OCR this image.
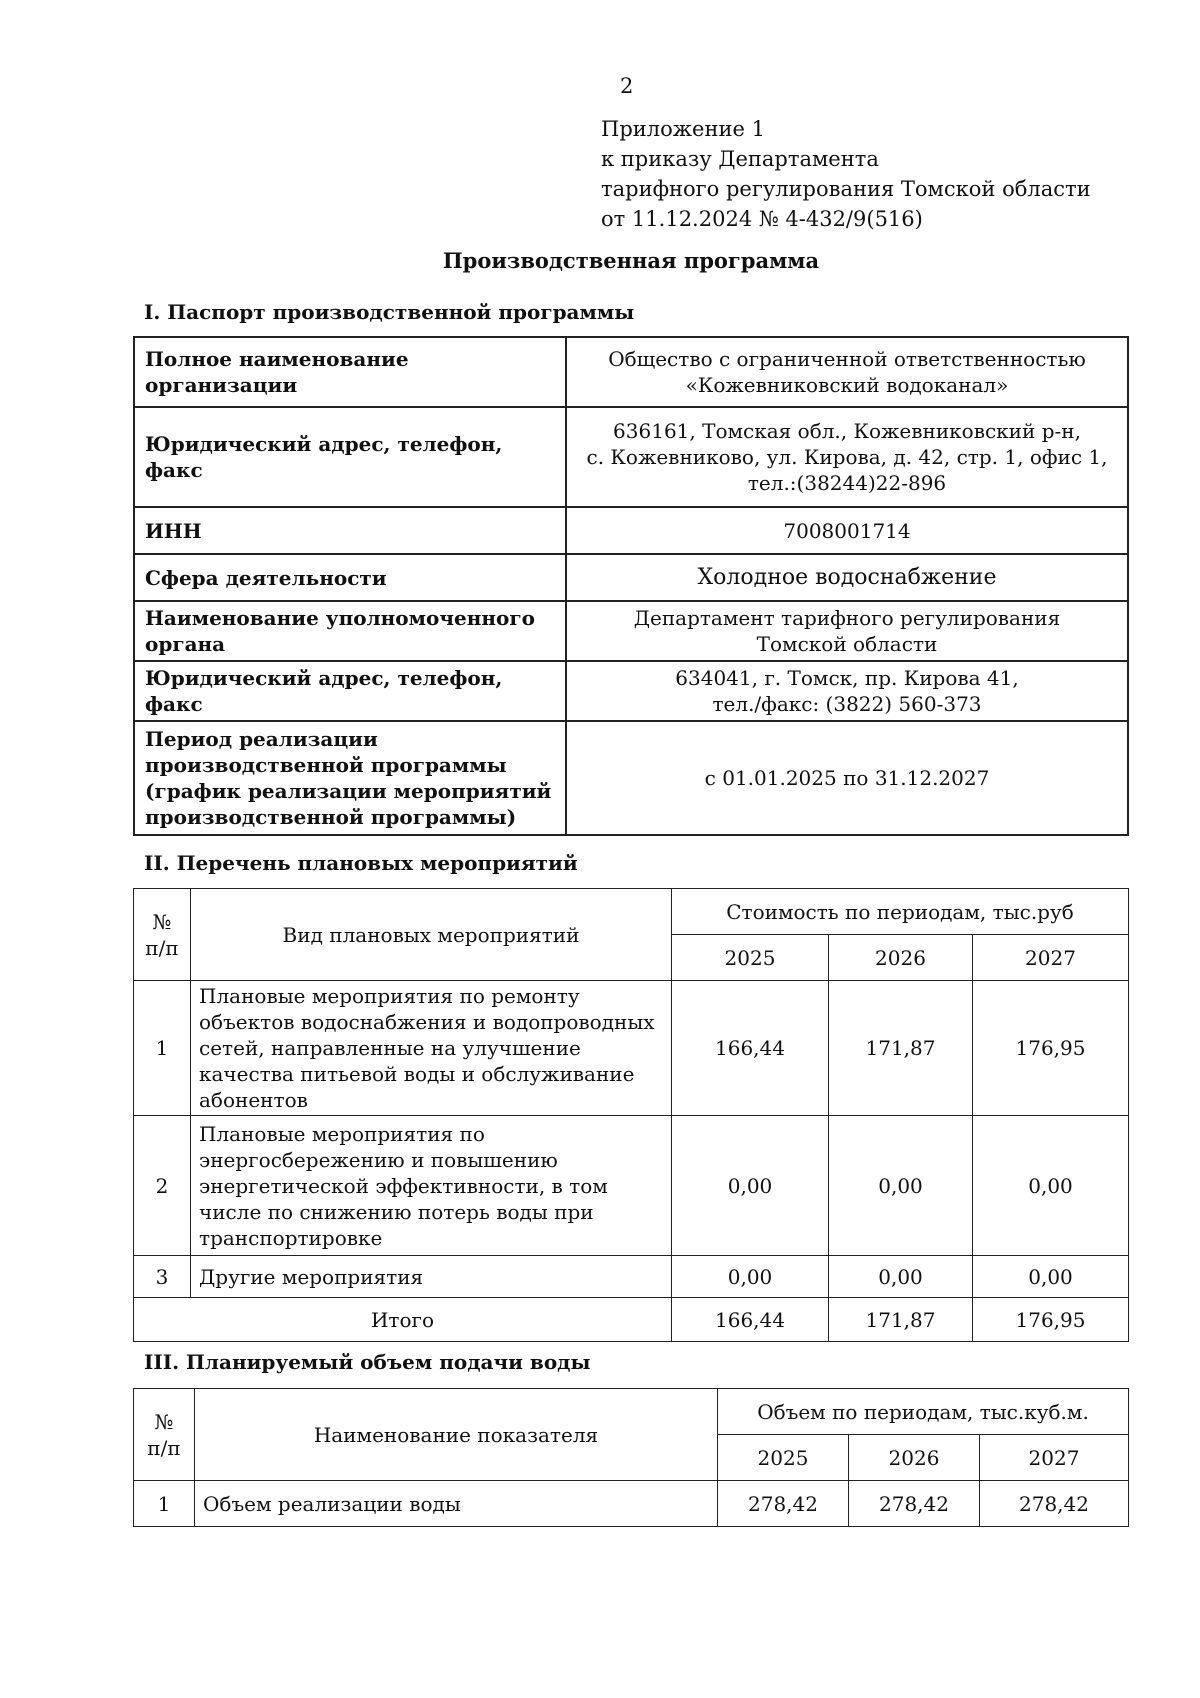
2
Приложение 1
к приказу Департамента
тарифного регулирования Томской области
от 11.12.2024 № 4-432/9(516)
Производственная программа
I. Паспорт производственной программы
Полное наименование организации	Общество с ограниченной ответственностью
«Кожевниковский водоканал»
Юридический адрес, телефон, факс	636161, Томская обл., Кожевниковский р-н,
с. Кожевниково, ул. Кирова, д. 42, стр. 1, офис 1,
тел.:(38244)22-896
ИНН	7008001714
Сфера деятельности	Холодное водоснабжение
Наименование уполномоченного органа	Департамент тарифного регулирования
Томской области
Юридический адрес, телефон, факс	634041, г. Томск, пр. Кирова 41,
тел./факс: (3822) 560-373
Период реализации производственной программы (график реализации мероприятий производственной программы)	с 01.01.2025 по 31.12.2027
II. Перечень плановых мероприятий
№ п/п	Вид плановых мероприятий	Стоимость по периодам, тыс.руб		
		2025	2026	2027
1	Плановые мероприятия по ремонту объектов водоснабжения и водопроводных сетей, направленные на улучшение качества питьевой воды и обслуживание абонентов	166,44	171,87	176,95
2	Плановые мероприятия по энергосбережению и повышению энергетической эффективности, в том числе по снижению потерь воды при транспортировке	0,00	0,00	0,00
3	Другие мероприятия	0,00	0,00	0,00
Итого		166,44	171,87	176,95
III. Планируемый объем подачи воды
№ п/п	Наименование показателя	Объем по периодам, тыс.куб.м.		
		2025	2026	2027
1	Объем реализации воды	278,42	278,42	278,42
